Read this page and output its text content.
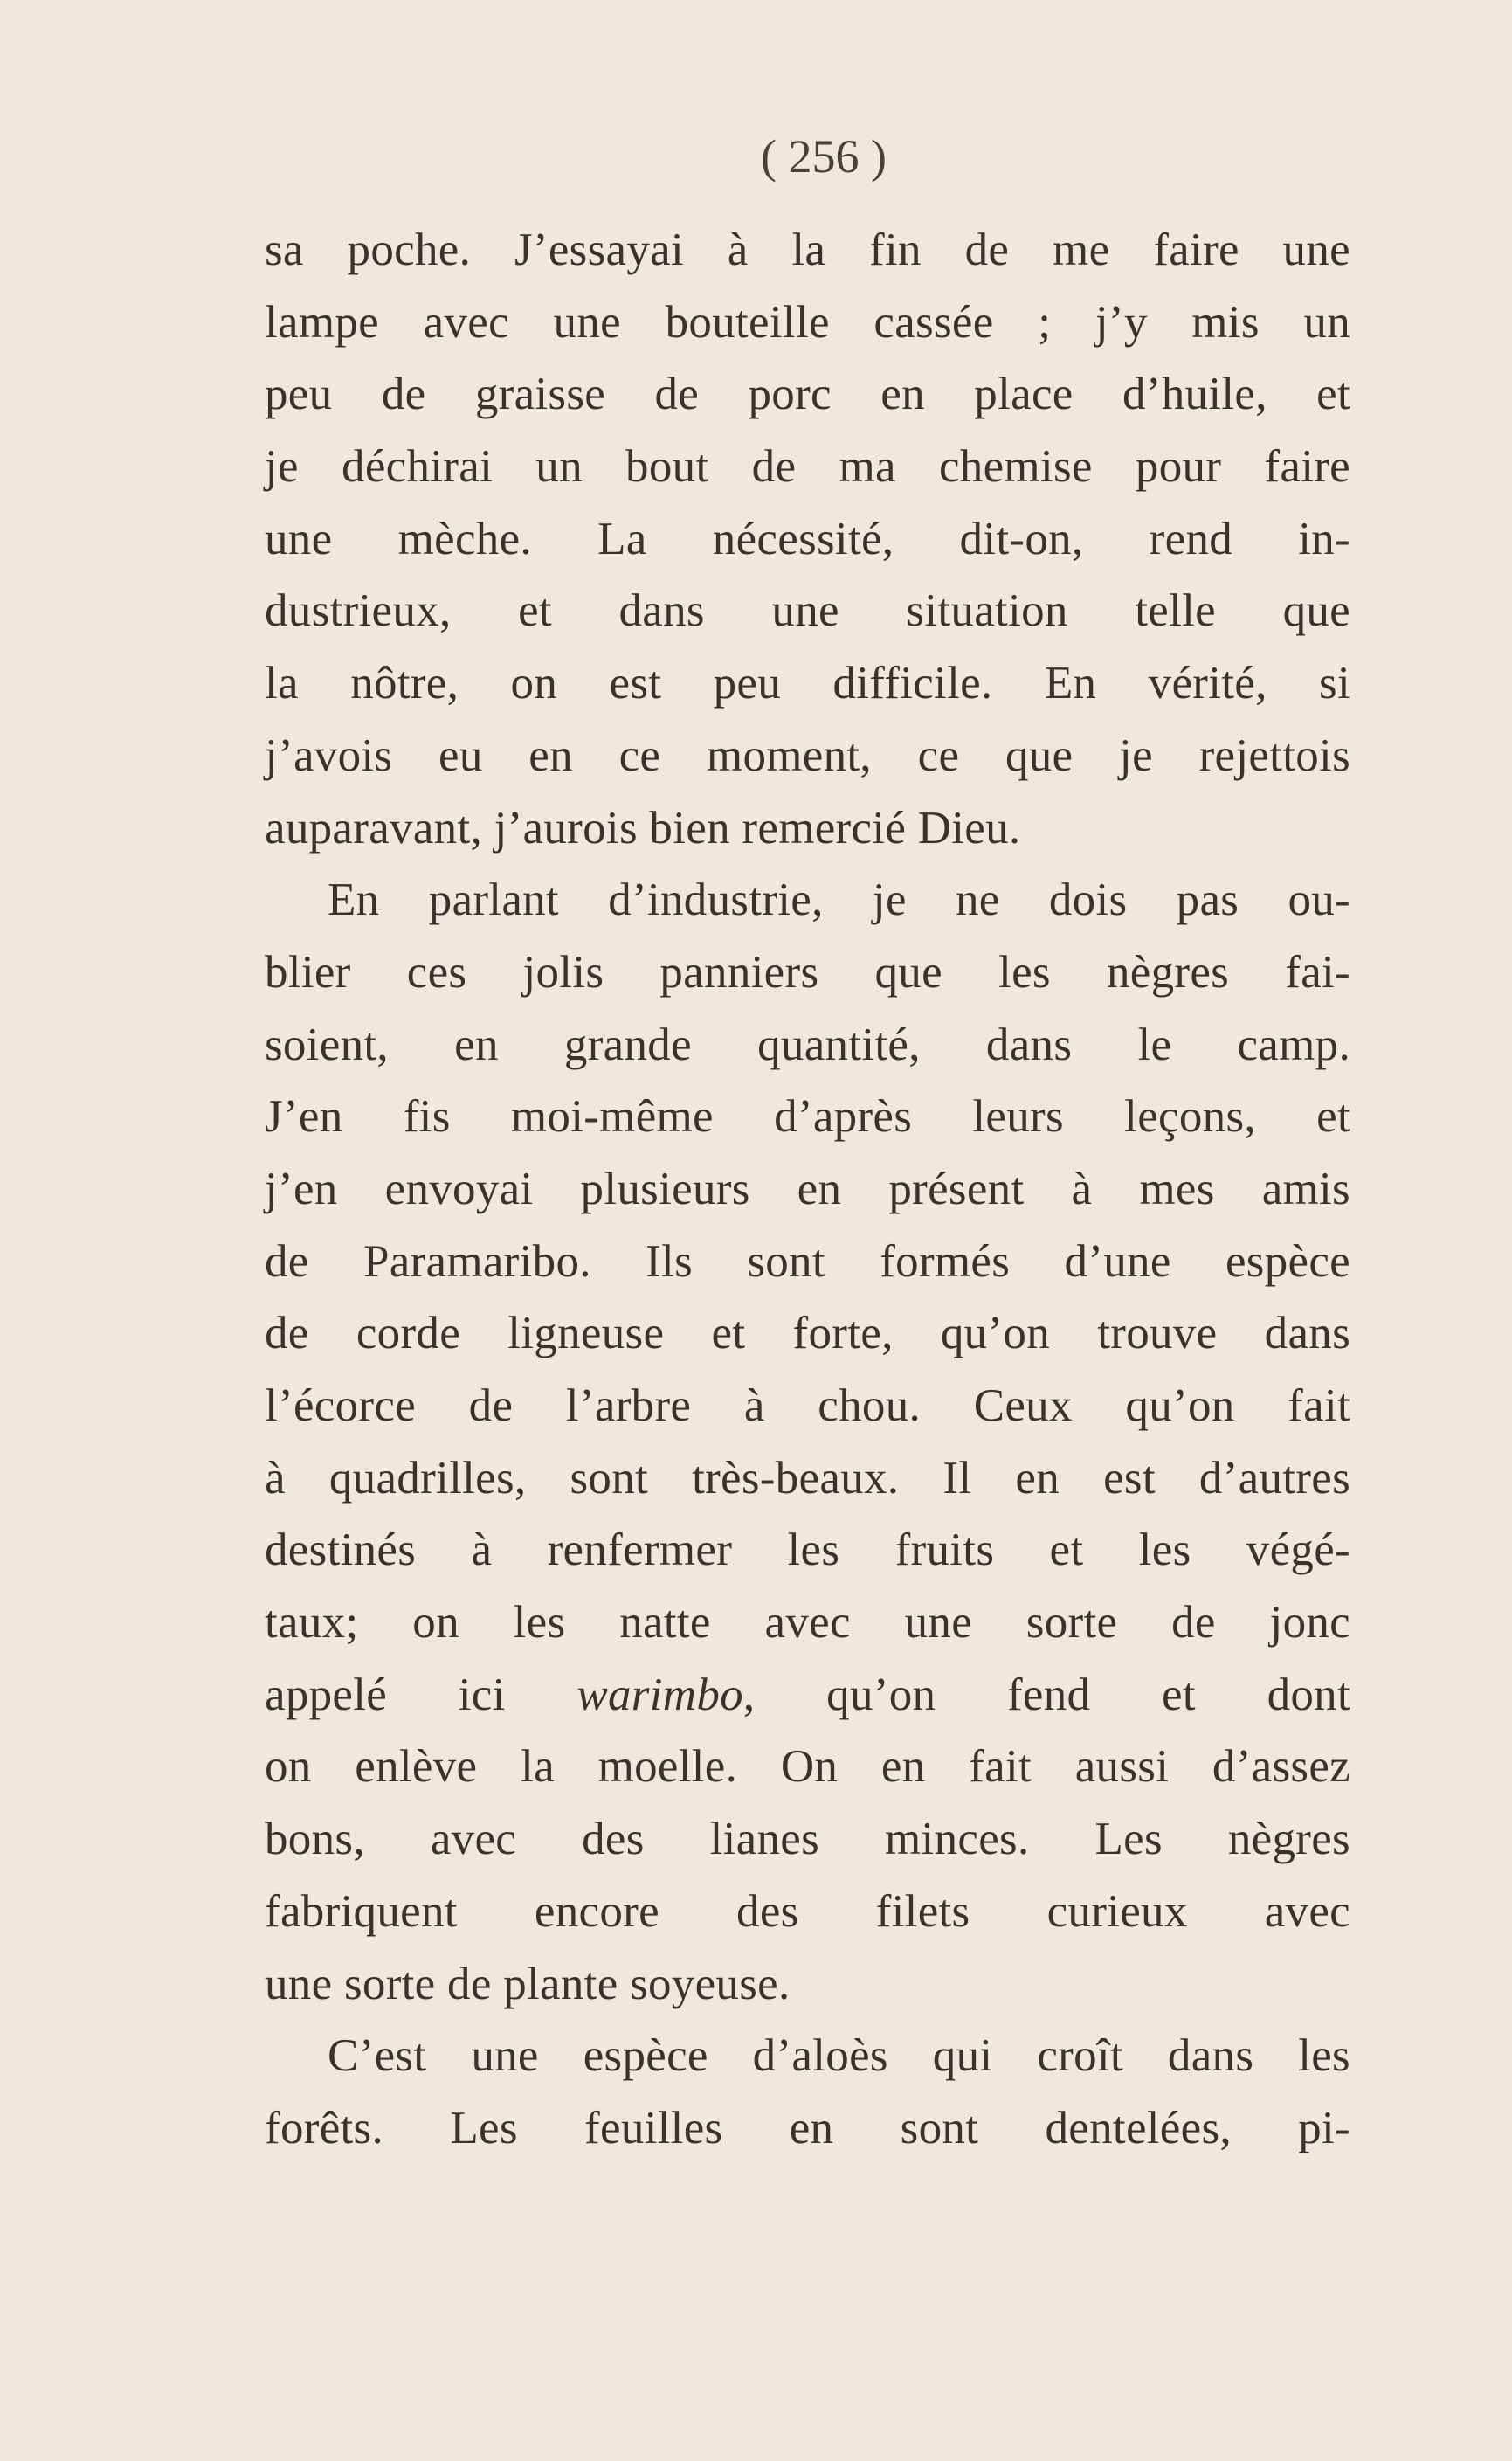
( 256 )
sa poche. J’essayai à la fin de me faire une
lampe avec une bouteille cassée ; j’y mis un
peu de graisse de porc en place d’huile, et
je déchirai un bout de ma chemise pour faire
une mèche. La nécessité, dit-on, rend in-
dustrieux, et dans une situation telle que
la nôtre, on est peu difficile. En vérité, si
j’avois eu en ce moment, ce que je rejettois
auparavant, j’aurois bien remercié Dieu.
En parlant d’industrie, je ne dois pas ou-
blier ces jolis panniers que les nègres fai-
soient, en grande quantité, dans le camp.
J’en fis moi-même d’après leurs leçons, et
j’en envoyai plusieurs en présent à mes amis
de Paramaribo. Ils sont formés d’une espèce
de corde ligneuse et forte, qu’on trouve dans
l’écorce de l’arbre à chou. Ceux qu’on fait
à quadrilles, sont très-beaux. Il en est d’autres
destinés à renfermer les fruits et les végé-
taux; on les natte avec une sorte de jonc
appelé ici warimbo, qu’on fend et dont
on enlève la moelle. On en fait aussi d’assez
bons, avec des lianes minces. Les nègres
fabriquent encore des filets curieux avec
une sorte de plante soyeuse.
C’est une espèce d’aloès qui croît dans les
forêts. Les feuilles en sont dentelées, pi-
